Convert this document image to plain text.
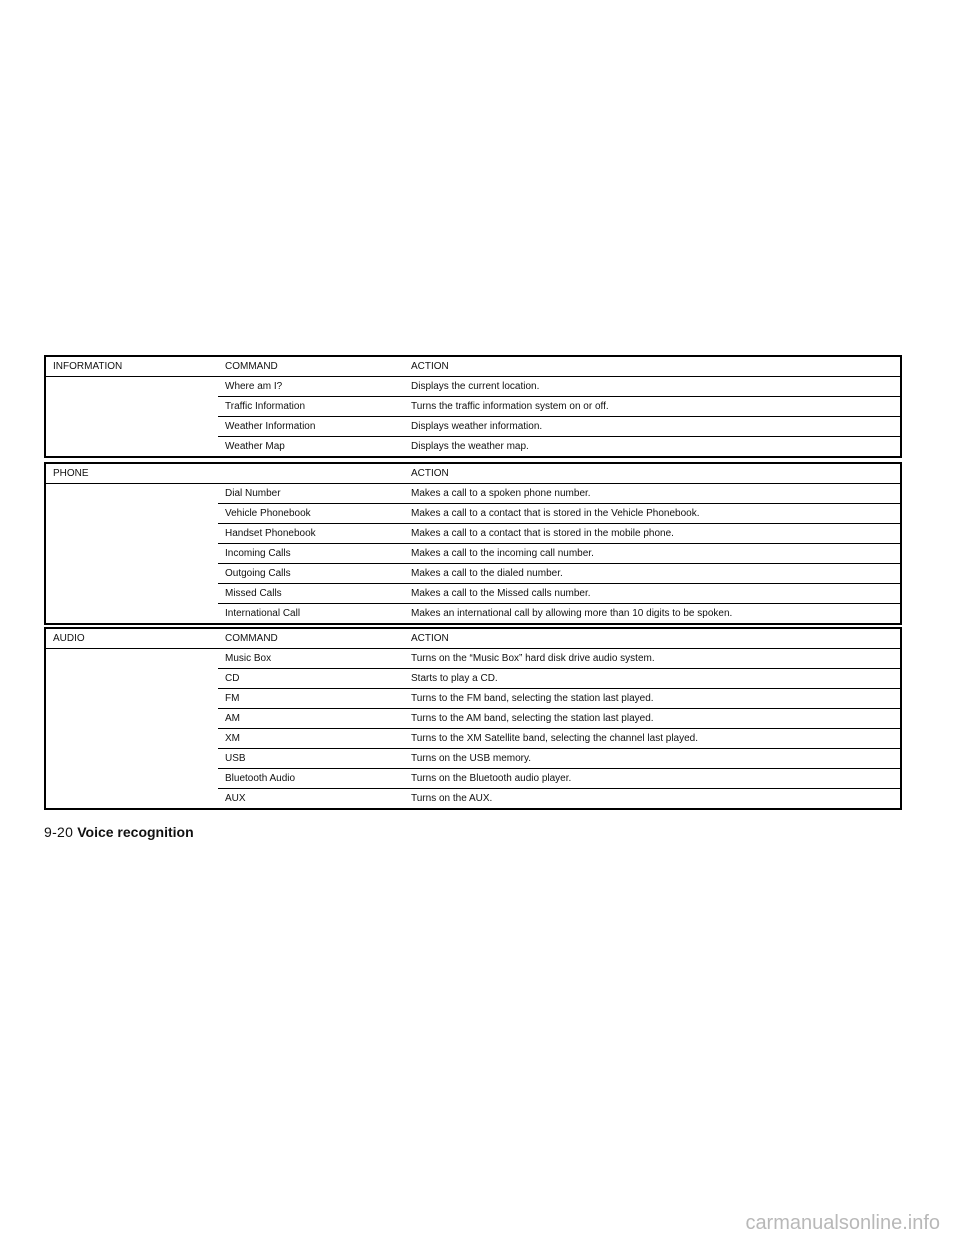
INFORMATION	COMMAND	ACTION
	Where am I?	Displays the current location.
	Traffic Information	Turns the traffic information system on or off.
	Weather Information	Displays weather information.
	Weather Map	Displays the weather map.
PHONE		ACTION
	Dial Number	Makes a call to a spoken phone number.
	Vehicle Phonebook	Makes a call to a contact that is stored in the Vehicle Phonebook.
	Handset Phonebook	Makes a call to a contact that is stored in the mobile phone.
	Incoming Calls	Makes a call to the incoming call number.
	Outgoing Calls	Makes a call to the dialed number.
	Missed Calls	Makes a call to the Missed calls number.
	International Call	Makes an international call by allowing more than 10 digits to be spoken.
AUDIO	COMMAND	ACTION
	Music Box	Turns on the “Music Box” hard disk drive audio system.
	CD	Starts to play a CD.
	FM	Turns to the FM band, selecting the station last played.
	AM	Turns to the AM band, selecting the station last played.
	XM	Turns to the XM Satellite band, selecting the channel last played.
	USB	Turns on the USB memory.
	Bluetooth Audio	Turns on the Bluetooth audio player.
	AUX	Turns on the AUX.
9-20 Voice recognition
carmanualsonline.info
